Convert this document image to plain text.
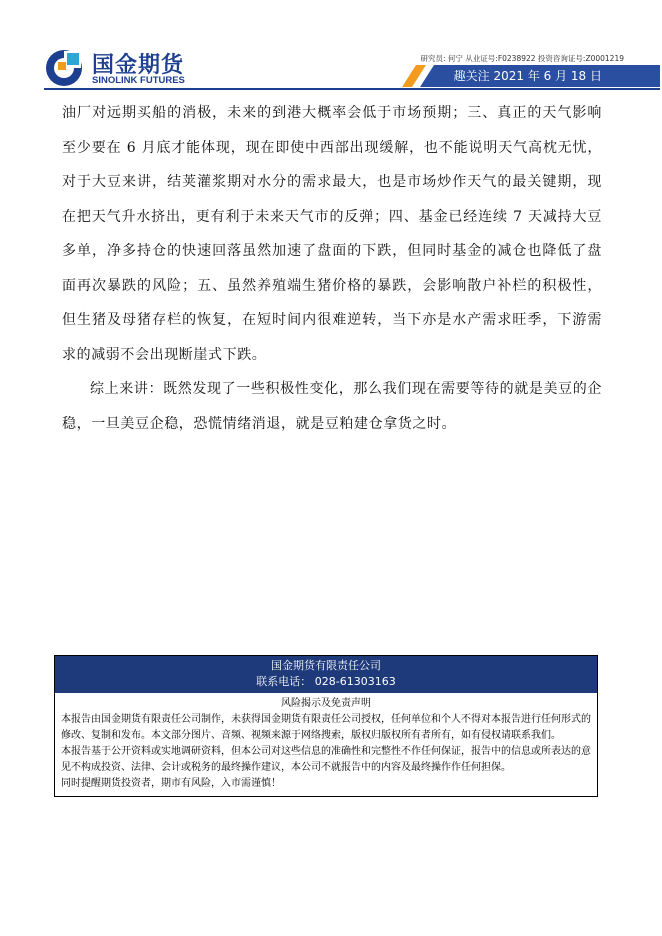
国金期货
SINOLINK FUTURES
研究员: 何宁 从业证号:F0238922 投资咨询证号:Z0001219
趣关注 2021 年 6 月 18 日

油厂对远期买船的消极，未来的到港大概率会低于市场预期；三、真正的天气影响至少要在 6 月底才能体现，现在即使中西部出现缓解，也不能说明天气高枕无忧，对于大豆来讲，结荚灌浆期对水分的需求最大，也是市场炒作天气的最关键期，现在把天气升水挤出，更有利于未来天气市的反弹；四、基金已经连续 7 天减持大豆多单，净多持仓的快速回落虽然加速了盘面的下跌，但同时基金的减仓也降低了盘面再次暴跌的风险；五、虽然养殖端生猪价格的暴跌，会影响散户补栏的积极性，但生猪及母猪存栏的恢复，在短时间内很难逆转，当下亦是水产需求旺季，下游需求的减弱不会出现断崖式下跌。

综上来讲：既然发现了一些积极性变化，那么我们现在需要等待的就是美豆的企稳，一旦美豆企稳，恐慌情绪消退，就是豆粕建仓拿货之时。

国金期货有限责任公司
联系电话： 028-61303163
风险揭示及免责声明
本报告由国金期货有限责任公司制作，未获得国金期货有限责任公司授权，任何单位和个人不得对本报告进行任何形式的修改、复制和发布。本文部分图片、音频、视频来源于网络搜索，版权归版权所有者所有，如有侵权请联系我们。
本报告基于公开资料或实地调研资料，但本公司对这些信息的准确性和完整性不作任何保证，报告中的信息或所表达的意见不构成投资、法律、会计或税务的最终操作建议，本公司不就报告中的内容及最终操作作任何担保。
同时提醒期货投资者，期市有风险，入市需谨慎！
